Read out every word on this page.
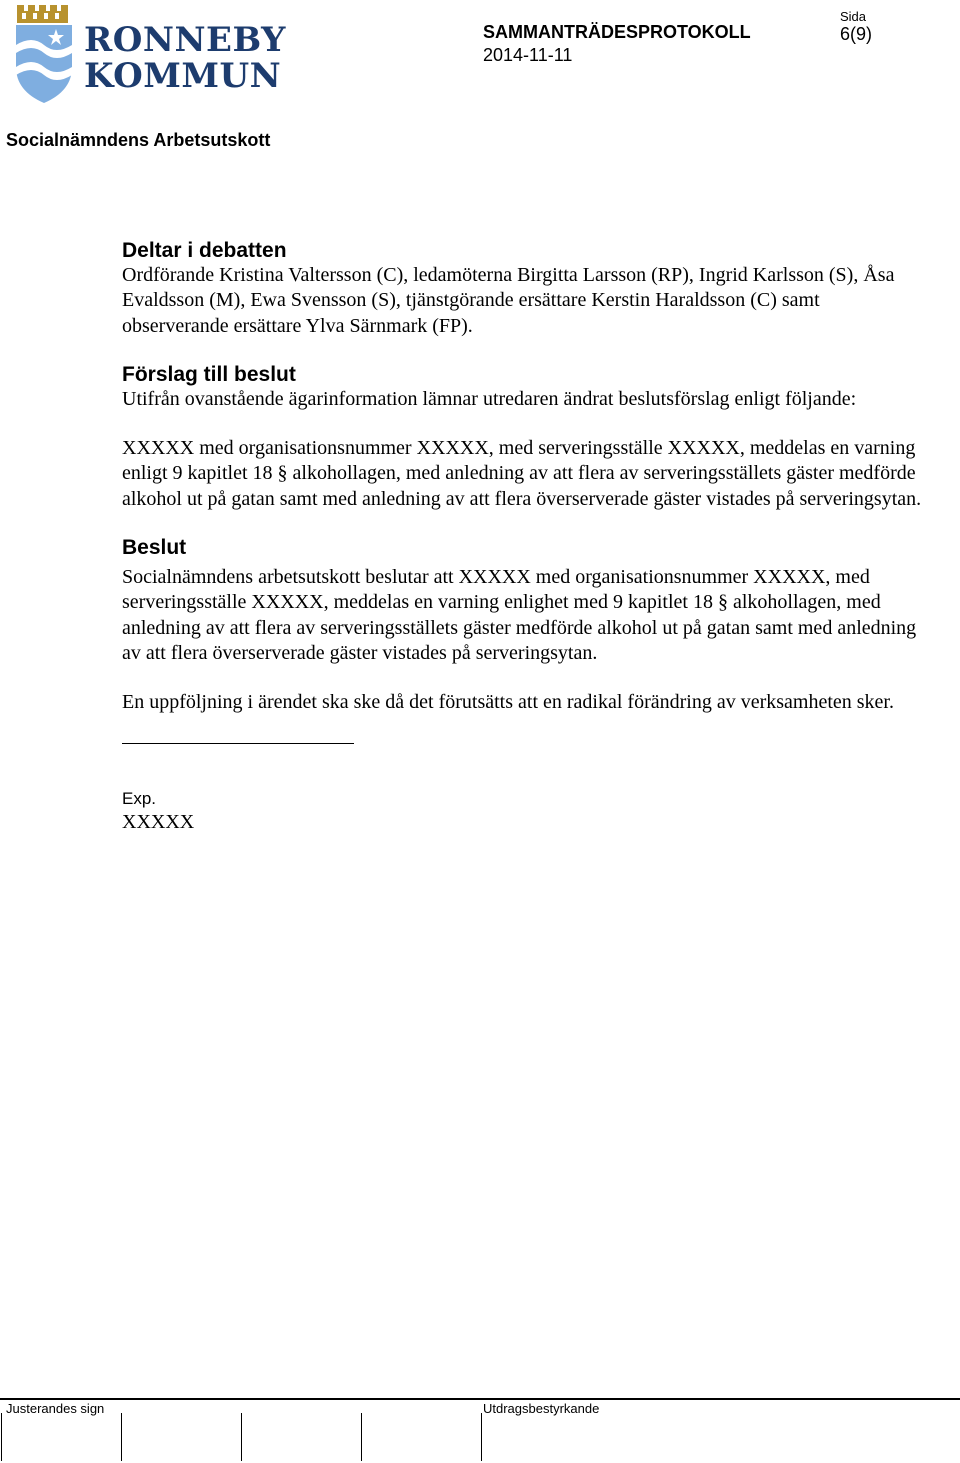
RONNEBY
KOMMUN
SAMMANTRÄDESPROTOKOLL
2014-11-11
Sida
6(9)
Socialnämndens Arbetsutskott

Deltar i debatten

Ordförande Kristina Valtersson (C), ledamöterna Birgitta Larsson (RP), Ingrid Karlsson (S), Åsa Evaldsson (M), Ewa Svensson (S), tjänstgörande ersättare Kerstin Haraldsson (C) samt observerande ersättare Ylva Särnmark (FP).

Förslag till beslut

Utifrån ovanstående ägarinformation lämnar utredaren ändrat beslutsförslag enligt följande:

XXXXX med organisationsnummer XXXXX, med serveringsställe XXXXX, meddelas en varning enligt 9 kapitlet 18 § alkohollagen, med anledning av att flera av serveringsställets gäster medförde alkohol ut på gatan samt med anledning av att flera överserverade gäster vistades på serveringsytan.

Beslut

Socialnämndens arbetsutskott beslutar att XXXXX med organisationsnummer XXXXX, med serveringsställe XXXXX, meddelas en varning enlighet med 9 kapitlet 18 § alkohollagen, med anledning av att flera av serveringsställets gäster medförde alkohol ut på gatan samt med anledning av att flera överserverade gäster vistades på serveringsytan.

En uppföljning i ärendet ska ske då det förutsätts att en radikal förändring av verksamheten sker.

Exp.

XXXXX

Justerandes sign	Utdragsbestyrkande
